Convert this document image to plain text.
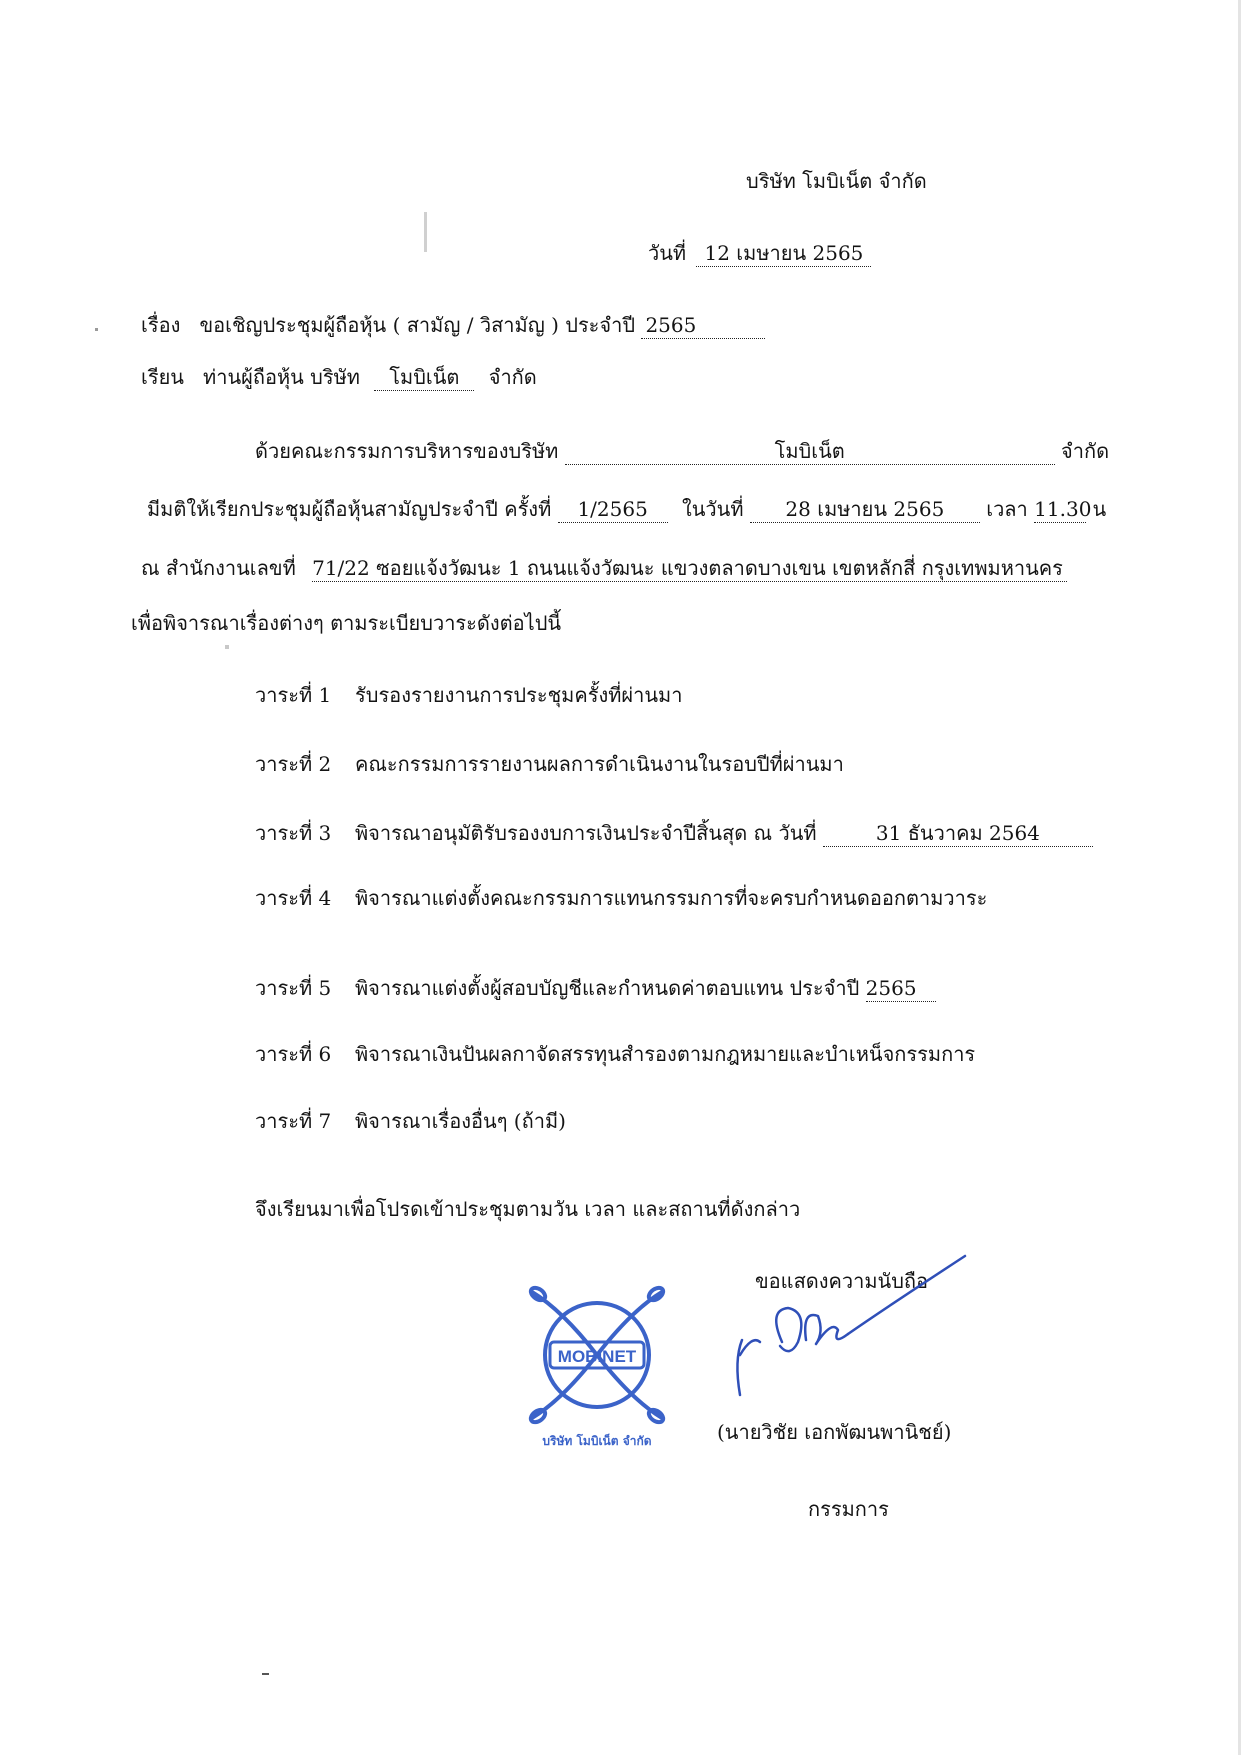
บริษัท โมบิเน็ต จำกัด
วันที่ 12 เมษายน 2565
เรื่อง ขอเชิญประชุมผู้ถือหุ้น ( สามัญ / วิสามัญ ) ประจำปี 2565
เรียน ท่านผู้ถือหุ้น บริษัท โมบิเน็ต จำกัด
ด้วยคณะกรรมการบริหารของบริษัท	โมบิเน็ต	จำกัด
มีมติให้เรียกประชุมผู้ถือหุ้นสามัญประจำปี ครั้งที่ 1/2565 ในวันที่ 28 เมษายน 2565 เวลา 11.30 น
ณ สำนักงานเลขที่ 71/22 ซอยแจ้งวัฒนะ 1 ถนนแจ้งวัฒนะ แขวงตลาดบางเขน เขตหลักสี่ กรุงเทพมหานคร
เพื่อพิจารณาเรื่องต่างๆ ตามระเบียบวาระดังต่อไปนี้
วาระที่ 1 รับรองรายงานการประชุมครั้งที่ผ่านมา
วาระที่ 2 คณะกรรมการรายงานผลการดำเนินงานในรอบปีที่ผ่านมา
วาระที่ 3 พิจารณาอนุมัติรับรองงบการเงินประจำปีสิ้นสุด ณ วันที่	31 ธันวาคม 2564
วาระที่ 4 พิจารณาแต่งตั้งคณะกรรมการแทนกรรมการที่จะครบกำหนดออกตามวาระ
วาระที่ 5 พิจารณาแต่งตั้งผู้สอบบัญชีและกำหนดค่าตอบแทน ประจำปี 2565
วาระที่ 6 พิจารณาเงินปันผลกาจัดสรรทุนสำรองตามกฎหมายและบำเหน็จกรรมการ
วาระที่ 7 พิจารณาเรื่องอื่นๆ (ถ้ามี)
จึงเรียนมาเพื่อโปรดเข้าประชุมตามวัน เวลา และสถานที่ดังกล่าว
ขอแสดงความนับถือ
MOBINET
บริษัท โมบิเน็ต จำกัด	(นายวิชัย เอกพัฒนพานิชย์)
กรรมการ
